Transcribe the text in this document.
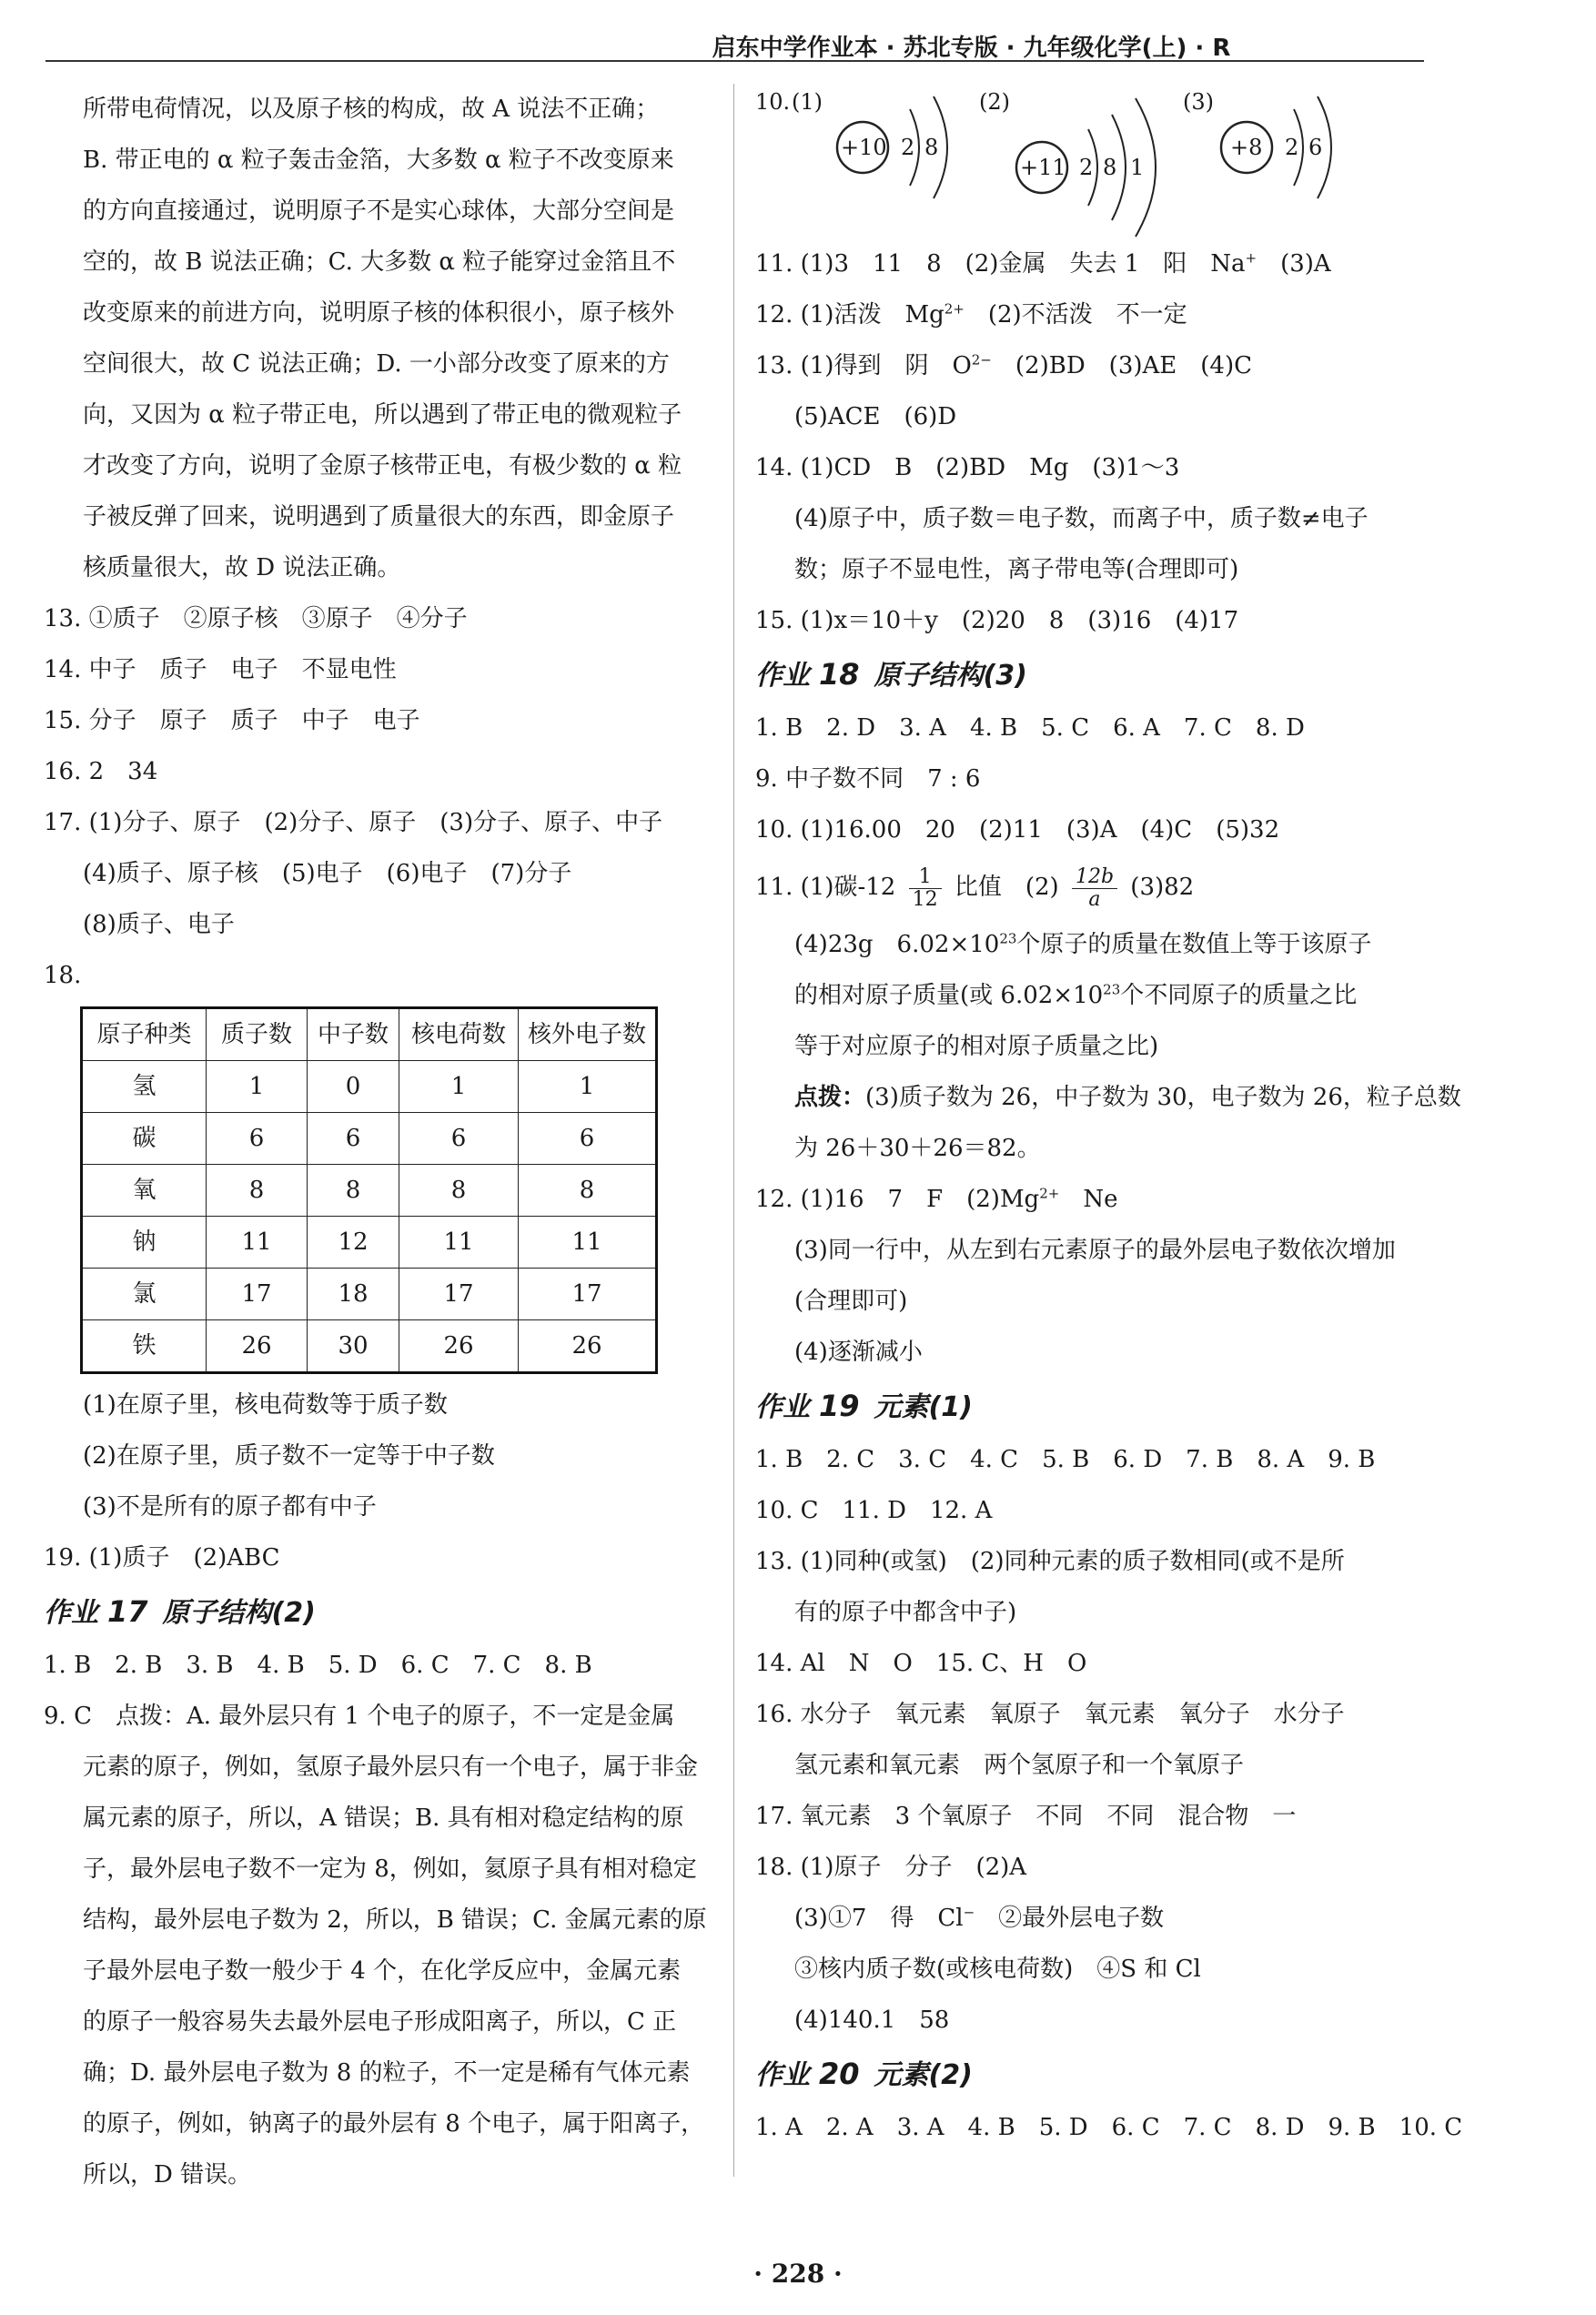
启东中学作业本 · 苏北专版 · 九年级化学(上) · R
所带电荷情况，以及原子核的构成，故 A 说法不正确；
B. 带正电的 α 粒子轰击金箔，大多数 α 粒子不改变原来
的方向直接通过，说明原子不是实心球体，大部分空间是
空的，故 B 说法正确；C. 大多数 α 粒子能穿过金箔且不
改变原来的前进方向，说明原子核的体积很小，原子核外
空间很大，故 C 说法正确；D. 一小部分改变了原来的方
向，又因为 α 粒子带正电，所以遇到了带正电的微观粒子
才改变了方向，说明了金原子核带正电，有极少数的 α 粒
子被反弹了回来，说明遇到了质量很大的东西，即金原子
核质量很大，故 D 说法正确。
13. ①质子　②原子核　③原子　④分子
14. 中子　质子　电子　不显电性
15. 分子　原子　质子　中子　电子
16. 2　34
17. (1)分子、原子　(2)分子、原子　(3)分子、原子、中子
(4)质子、原子核　(5)电子　(6)电子　(7)分子
(8)质子、电子
18.
原子种类	质子数	中子数	核电荷数	核外电子数
氢	1	0	1	1
碳	6	6	6	6
氧	8	8	8	8
钠	11	12	11	11
氯	17	18	17	17
铁	26	30	26	26
(1)在原子里，核电荷数等于质子数
(2)在原子里，质子数不一定等于中子数
(3)不是所有的原子都有中子
19. (1)质子　(2)ABC
作业 17 原子结构(2)
1. B　2. B　3. B　4. B　5. D　6. C　7. C　8. B
9. C　点拨：A. 最外层只有 1 个电子的原子，不一定是金属
元素的原子，例如，氢原子最外层只有一个电子，属于非金
属元素的原子，所以，A 错误；B. 具有相对稳定结构的原
子，最外层电子数不一定为 8，例如，氦原子具有相对稳定
结构，最外层电子数为 2，所以，B 错误；C. 金属元素的原
子最外层电子数一般少于 4 个，在化学反应中，金属元素
的原子一般容易失去最外层电子形成阳离子，所以，C 正
确；D. 最外层电子数为 8 的粒子，不一定是稀有气体元素
的原子，例如，钠离子的最外层有 8 个电子，属于阳离子，
所以，D 错误。
10. (1)
+10 2 8
(2)
+11 2 8 1
(3)
+8 2 6
11. (1)3　11　8　(2)金属　失去 1　阳　Na+　(3)A
12. (1)活泼　$Mg^{2+}$　(2)不活泼　不一定
13. (1)得到　阴　$O^{2-}$　(2)BD　(3)AE　(4)C
(5)ACE　(6)D
14. (1)CD　B　(2)BD　Mg　(3)1～3
(4)原子中，质子数＝电子数，而离子中，质子数≠电子
数；原子不显电性，离子带电等(合理即可)
15. (1)x＝10＋y　(2)20　8　(3)16　(4)17
作业 18 原子结构(3)
1. B　2. D　3. A　4. B　5. C　6. A　7. C　8. D
9. 中子数不同　7 : 6
10. (1)16.00　20　(2)11　(3)A　(4)C　(5)32
11. (1)碳$-12 \frac{1}{12}$ 比值　$(2) \frac{12b}{a} (3)82$
(4)23g　$6.02\times 10^{23}$个原子的质量在数值上等于该原子
的相对原子质量(或 $6.02\times 10^{23}$个不同原子的质量之比
等于对应原子的相对原子质量之比)
点拨：(3)质子数为 26，中子数为 30，电子数为 26，粒子总数
为 26＋30＋26＝82。
12. (1)16　7　F　$(2)Mg^{2+}$　Ne
(3)同一行中，从左到右元素原子的最外层电子数依次增加
(合理即可)
(4)逐渐减小
作业 19 元素(1)
1. B　2. C　3. C　4. C　5. B　6. D　7. B　8. A　9. B
10. C　11. D　12. A
13. (1)同种(或氢)　(2)同种元素的质子数相同(或不是所
有的原子中都含中子)
14. Al　N　O　15. C、H　O
16. 水分子　氧元素　氧原子　氧元素　氧分子　水分子
氢元素和氧元素　两个氢原子和一个氧原子
17. 氧元素　3 个氧原子　不同　不同　混合物　一
18. (1)原子　分子　(2)A
(3)①7　得　Cl−　②最外层电子数
③核内质子数(或核电荷数)　④S 和 Cl
(4)140.1　58
作业 20 元素(2)
1. A　2. A　3. A　4. B　5. D　6. C　7. C　8. D　9. B　10. C
· 228 ·
